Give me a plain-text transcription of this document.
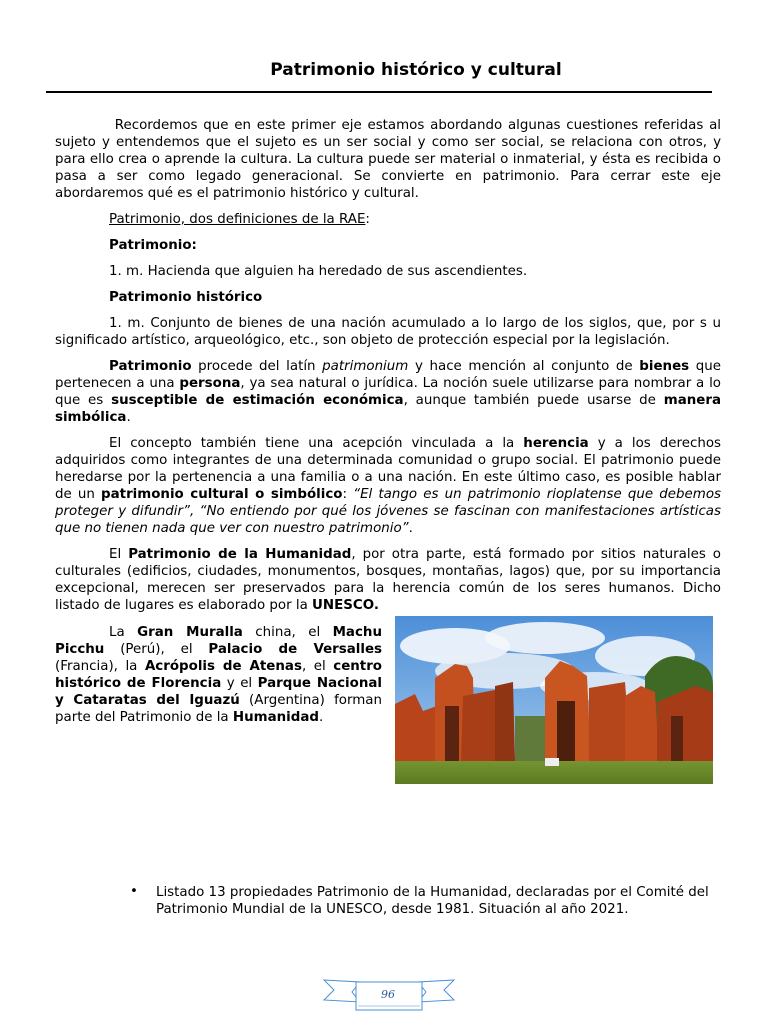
Patrimonio histórico y cultural

Recordemos que en este primer eje estamos abordando algunas cuestiones referidas al sujeto y entendemos que el sujeto es un ser social y como ser social, se relaciona con otros, y para ello crea o aprende la cultura. La cultura puede ser material o inmaterial, y ésta es recibida o pasa a ser como legado generacional. Se convierte en patrimonio. Para cerrar este eje abordaremos qué es el patrimonio histórico y cultural.

Patrimonio, dos definiciones de la RAE:

Patrimonio:

1. m. Hacienda que alguien ha heredado de sus ascendientes.

Patrimonio histórico

1. m. Conjunto de bienes de una nación acumulado a lo largo de los siglos, que, por s u significado artístico, arqueológico, etc., son objeto de protección especial por la legislación.

Patrimonio procede del latín patrimonium y hace mención al conjunto de bienes que pertenecen a una persona, ya sea natural o jurídica. La noción suele utilizarse para nombrar a lo que es susceptible de estimación económica, aunque también puede usarse de manera simbólica.

El concepto también tiene una acepción vinculada a la herencia y a los derechos adquiridos como integrantes de una determinada comunidad o grupo social. El patrimonio puede heredarse por la pertenencia a una familia o a una nación. En este último caso, es posible hablar de un patrimonio cultural o simbólico: “El tango es un patrimonio rioplatense que debemos proteger y difundir”, “No entiendo por qué los jóvenes se fascinan con manifestaciones artísticas que no tienen nada que ver con nuestro patrimonio”.

El Patrimonio de la Humanidad, por otra parte, está formado por sitios naturales o culturales (edificios, ciudades, monumentos, bosques, montañas, lagos) que, por su importancia excepcional, merecen ser preservados para la herencia común de los seres humanos. Dicho listado de lugares es elaborado por la UNESCO.

La Gran Muralla china, el Machu Picchu (Perú), el Palacio de Versalles (Francia), la Acrópolis de Atenas, el centro histórico de Florencia y el Parque Nacional y Cataratas del Iguazú (Argentina) forman parte del Patrimonio de la Humanidad.
• Listado 13 propiedades Patrimonio de la Humanidad, declaradas por el Comité del Patrimonio Mundial de la UNESCO, desde 1981. Situación al año 2021.
96
